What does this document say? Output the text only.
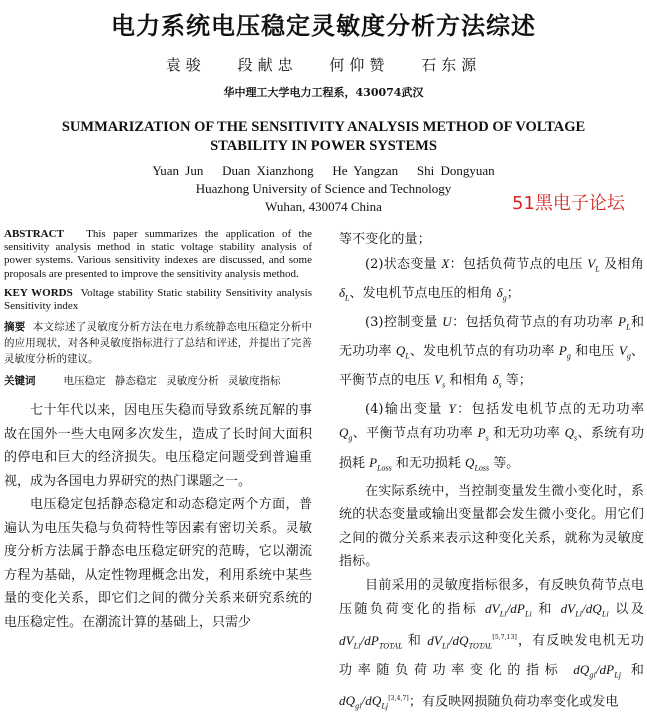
电力系统电压稳定灵敏度分析方法综述
袁骏 段献忠 何仰赞 石东源
华中理工大学电力工程系，430074武汉
SUMMARIZATION OF THE SENSITIVITY ANALYSIS METHOD OF VOLTAGE
STABILITY IN POWER SYSTEMS
Yuan Jun Duan Xianzhong He Yangzan Shi Dongyuan
Huazhong University of Science and Technology
Wuhan, 430074 China	51黑电子论坛

ABSTRACT This paper summarizes the application of the sensitivity analysis method in static voltage stability analysis of power systems. Various sensitivity indexes are discussed, and some proposals are presented to improve the sensitivity analysis method.

KEY WORDS Voltage stability Static stability Sensitivity analysis Sensitivity index

摘要 本文综述了灵敏度分析方法在电力系统静态电压稳定分析中的应用现状，对各种灵敏度指标进行了总结和评述，并提出了完善灵敏度分析的建议。

关键词	电压稳定 静态稳定 灵敏度分析 灵敏度指标

七十年代以来，因电压失稳而导致系统瓦解的事故在国外一些大电网多次发生，造成了长时间大面积的停电和巨大的经济损失。电压稳定问题受到普遍重视，成为各国电力界研究的热门课题之一。

电压稳定包括静态稳定和动态稳定两个方面，普遍认为电压失稳与负荷特性等因素有密切关系。灵敏度分析方法属于静态电压稳定研究的范畴，它以潮流方程为基础，从定性物理概念出发，利用系统中某些量的变化关系，即它们之间的微分关系来研究系统的电压稳定性。在潮流计算的基础上，只需少

等不变化的量；

(2)状态变量 X：包括负荷节点的电压 $V_L$ 及相角 $\delta_L$、发电机节点电压的相角 $\delta_g$；

(3)控制变量 U：包括负荷节点的有功功率 $P_L$和无功功率 $Q_L$、发电机节点的有功功率 $P_g$ 和电压 $V_g$、平衡节点的电压 $V_s$ 和相角 $\delta_s$ 等；

(4)输出变量 Y：包括发电机节点的无功功率 $Q_g$、平衡节点有功功率 $P_s$ 和无功功率 $Q_s$、系统有功损耗 $P_{Loss}$ 和无功损耗 $Q_{Loss}$ 等。

在实际系统中，当控制变量发生微小变化时，系统的状态变量或输出变量都会发生微小变化。用它们之间的微分关系来表示这种变化关系，就称为灵敏度指标。

目前采用的灵敏度指标很多，有反映负荷节点电压随负荷变化的指标 $dV_{Li}/dP_{Li}$ 和 $dV_{Li}/dQ_{Li}$ 以及 $dV_{Li}/dP_{TOTAL}$ 和 $dV_{Li}/dQ_{TOTAL}[5,7,13]$，有反映发电机无功功率随负荷功率变化的指标 $dQ_{gi}/dP_{Lj}$ 和 $dQ_{gi}/dQ_{Lj}[3,4,7]$；有反映网损随负荷功率变化或发电
